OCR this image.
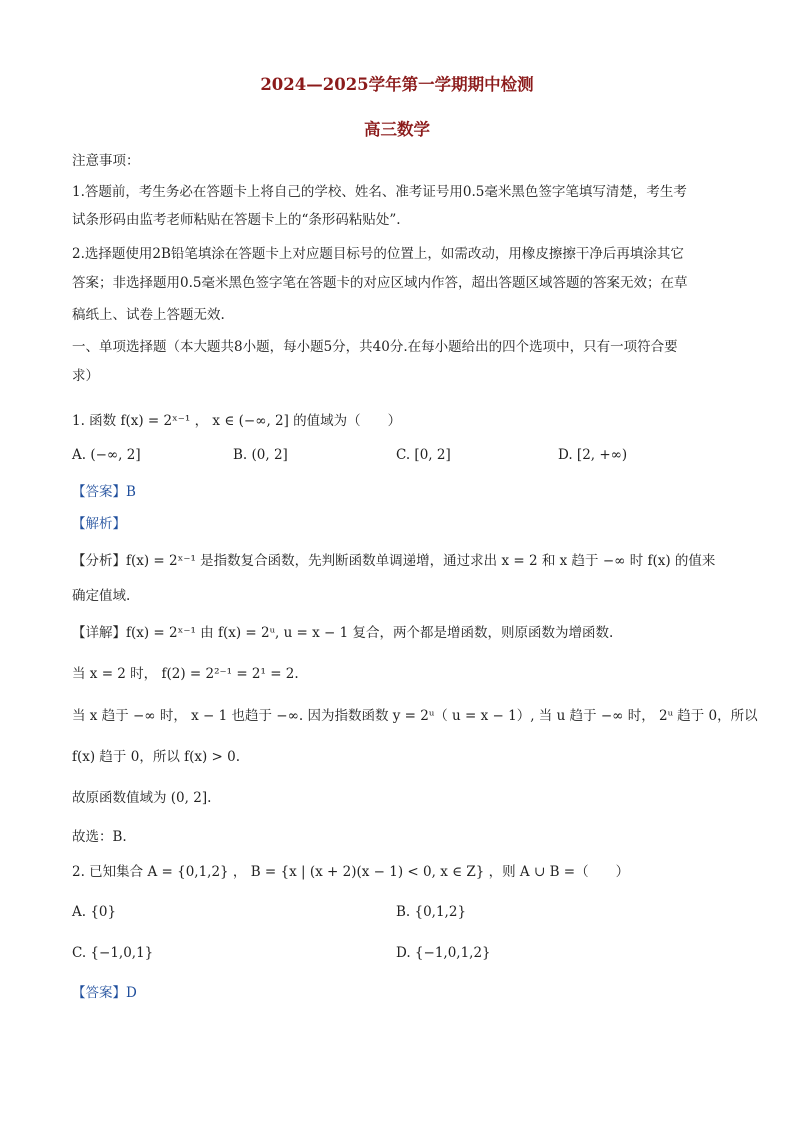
2024—2025学年第一学期期中检测
高三数学
注意事项：
1.答题前，考生务必在答题卡上将自己的学校、姓名、准考证号用0.5毫米黑色签字笔填写清楚，考生考
试条形码由监考老师粘贴在答题卡上的“条形码粘贴处”.
2.选择题使用2B铅笔填涂在答题卡上对应题目标号的位置上，如需改动，用橡皮擦擦干净后再填涂其它
答案；非选择题用0.5毫米黑色签字笔在答题卡的对应区域内作答，超出答题区域答题的答案无效；在草
稿纸上、试卷上答题无效.
一、单项选择题（本大题共8小题，每小题5分，共40分.在每小题给出的四个选项中，只有一项符合要
求）
1. 函数 f(x) = 2ˣ⁻¹ ， x ∈ (−∞, 2] 的值域为（　　）
A. (−∞, 2]	B. (0, 2]	C. [0, 2]	D. [2, +∞)
【答案】B
【解析】
【分析】f(x) = 2ˣ⁻¹ 是指数复合函数，先判断函数单调递增，通过求出 x = 2 和 x 趋于 −∞ 时 f(x) 的值来
确定值域.
【详解】f(x) = 2ˣ⁻¹ 由 f(x) = 2ᵘ, u = x − 1 复合，两个都是增函数，则原函数为增函数.
当 x = 2 时， f(2) = 2²⁻¹ = 2¹ = 2.
当 x 趋于 −∞ 时， x − 1 也趋于 −∞. 因为指数函数 y = 2ᵘ（ u = x − 1）, 当 u 趋于 −∞ 时， 2ᵘ 趋于 0，所以
f(x) 趋于 0，所以 f(x) > 0.
故原函数值域为 (0, 2].
故选：B.
2. 已知集合 A = {0,1,2} ， B = {x | (x + 2)(x − 1) < 0, x ∈ Z} ，则 A ∪ B =（　　）
A. {0}	B. {0,1,2}
C. {−1,0,1}	D. {−1,0,1,2}
【答案】D
